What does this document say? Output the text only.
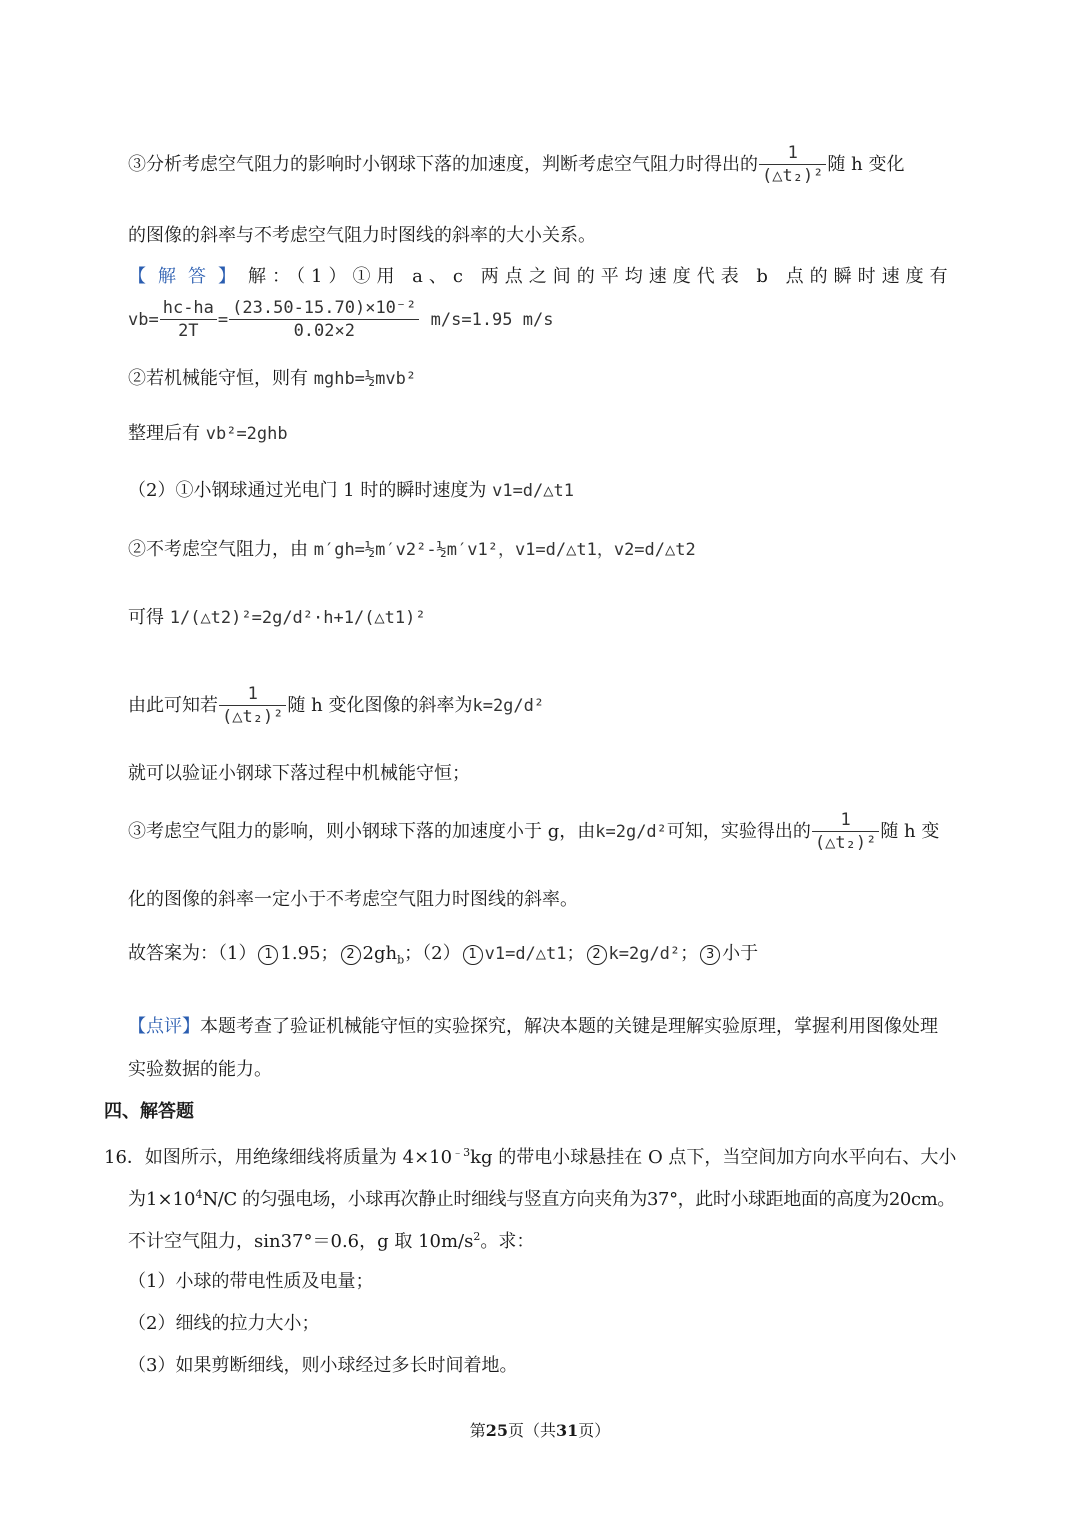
③分析考虑空气阻力的影响时小钢球下落的加速度，判断考虑空气阻力时得出的 $\frac{1}{\text{(△t₂)²}}$ 随 h 变化
的图像的斜率与不考虑空气阻力时图线的斜率的大小关系。
【解答】解：（1）①用 a、c 两点之间的平均速度代表 b 点的瞬时速度有
$vb= \frac{hc-ha}{2T} = \frac{\text{(23.50-15.70)×10⁻²}}{0.02\times 2} m/s=1.95$ m/s
②若机械能守恒，则有 mghb=½mvb²
整理后有 vb²=2ghb
（2）①小钢球通过光电门 1 时的瞬时速度为 v1=d/△t1
②不考虑空气阻力，由 m′gh=½m′v2²-½m′v1²，v1=d/△t1，v2=d/△t2
可得 1/(△t2)²=2g/d²·h+1/(△t1)²
由此可知若 $\frac{1}{\text{(△t₂)²}}$ 随 h 变化图像的斜率为k=2g/d²
就可以验证小钢球下落过程中机械能守恒；
③考虑空气阻力的影响，则小钢球下落的加速度小于 g，由k=2g/d²可知，实验得出的 $\frac{1}{\text{(△t₂)²}}$ 随 h 变
化的图像的斜率一定小于不考虑空气阻力时图线的斜率。
故答案为：（1） 1 1.95； 2 $2gh_b$；（2） 1 v1=d/△t1； 2 k=2g/d²； 3 小于
【点评】本题考查了验证机械能守恒的实验探究，解决本题的关键是理解实验原理，掌握利用图像处理
实验数据的能力。
四、解答题
16．如图所示，用绝缘细线将质量为 $4\times 10^{﹣3}kg$ 的带电小球悬挂在 O 点下，当空间加方向水平向右、大小
为$1\times 10^4N/C$ 的匀强电场，小球再次静止时细线与竖直方向夹角为37°，此时小球距地面的高度为20cm。
不计空气阻力，sin37°＝0.6，g 取 $10m/s^2$。求：
（1）小球的带电性质及电量；
（2）细线的拉力大小；
（3）如果剪断细线，则小球经过多长时间着地。
第25页（共31页）
